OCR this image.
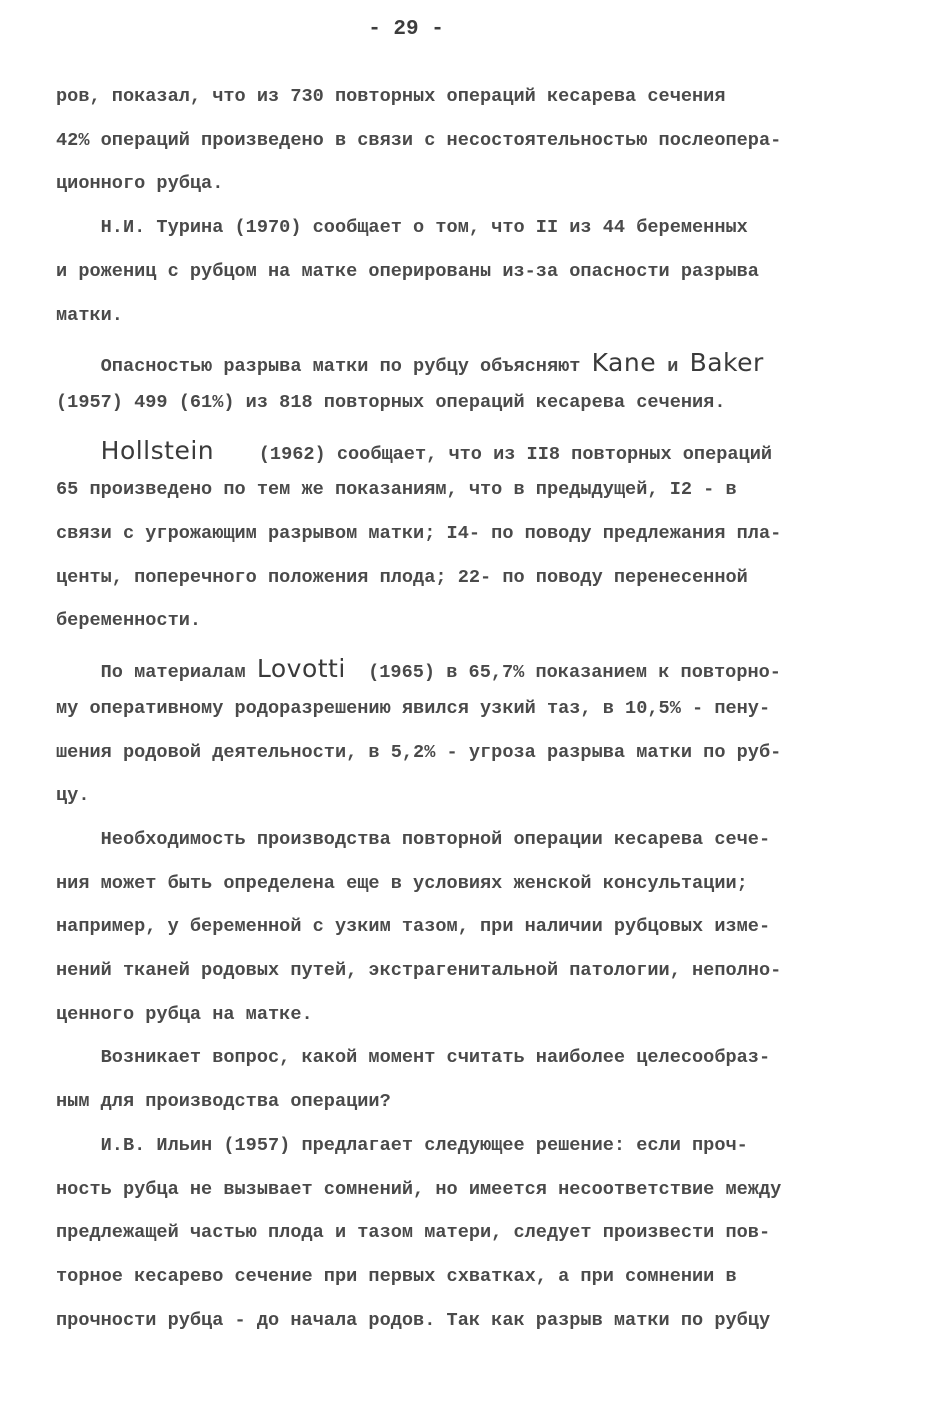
- 29 -
ров, показал, что из 730 повторных операций кесарева сечения
42% операций произведено в связи с несостоятельностью послеопера-
ционного рубца.
Н.И. Турина (1970) сообщает о том, что II из 44 беременных
и рожениц с рубцом на матке оперированы из-за опасности разрыва
матки.
Опасностью разрыва матки по рубцу объясняют Kane и Baker
(1957) 499 (61%) из 818 повторных операций кесарева сечения.
Hollstein    (1962) сообщает, что из II8 повторных операций
65 произведено по тем же показаниям, что в предыдущей, I2 - в
связи с угрожающим разрывом матки; I4- по поводу предлежания пла-
центы, поперечного положения плода; 22- по поводу перенесенной
беременности.
По материалам Lovotti  (1965) в 65,7% показанием к повторно-
му оперативному родоразрешению явился узкий таз, в 10,5% - пену-
шения родовой деятельности, в 5,2% - угроза разрыва матки по руб-
цу.
Необходимость производства повторной операции кесарева сече-
ния может быть определена еще в условиях женской консультации;
например, у беременной с узким тазом, при наличии рубцовых изме-
нений тканей родовых путей, экстрагенитальной патологии, неполно-
ценного рубца на матке.
Возникает вопрос, какой момент считать наиболее целесообраз-
ным для производства операции?
И.В. Ильин (1957) предлагает следующее решение: если проч-
ность рубца не вызывает сомнений, но имеется несоответствие между
предлежащей частью плода и тазом матери, следует произвести пов-
торное кесарево сечение при первых схватках, а при сомнении в
прочности рубца - до начала родов. Так как разрыв матки по рубцу
